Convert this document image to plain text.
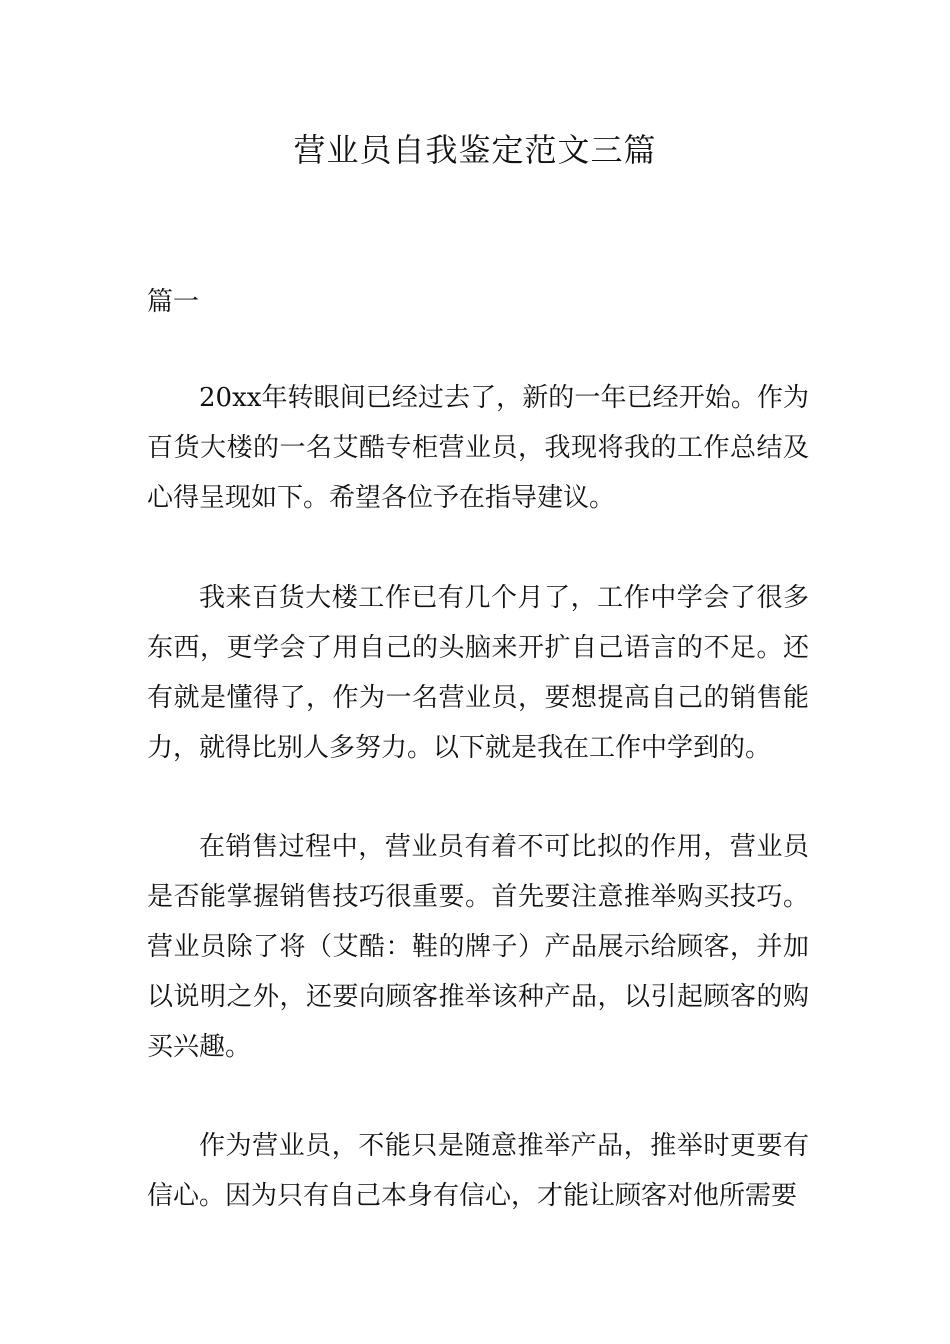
营业员自我鉴定范文三篇

篇一

20xx年转眼间已经过去了，新的一年已经开始。作为百货大楼的一名艾酷专柜营业员，我现将我的工作总结及心得呈现如下。希望各位予在指导建议。

我来百货大楼工作已有几个月了，工作中学会了很多东西，更学会了用自己的头脑来开扩自己语言的不足。还有就是懂得了，作为一名营业员，要想提高自己的销售能力，就得比别人多努力。以下就是我在工作中学到的。

在销售过程中，营业员有着不可比拟的作用，营业员是否能掌握销售技巧很重要。首先要注意推举购买技巧。营业员除了将（艾酷：鞋的牌子）产品展示给顾客，并加以说明之外，还要向顾客推举该种产品，以引起顾客的购买兴趣。

作为营业员，不能只是随意推举产品，推举时更要有信心。因为只有自己本身有信心，才能让顾客对他所需要
